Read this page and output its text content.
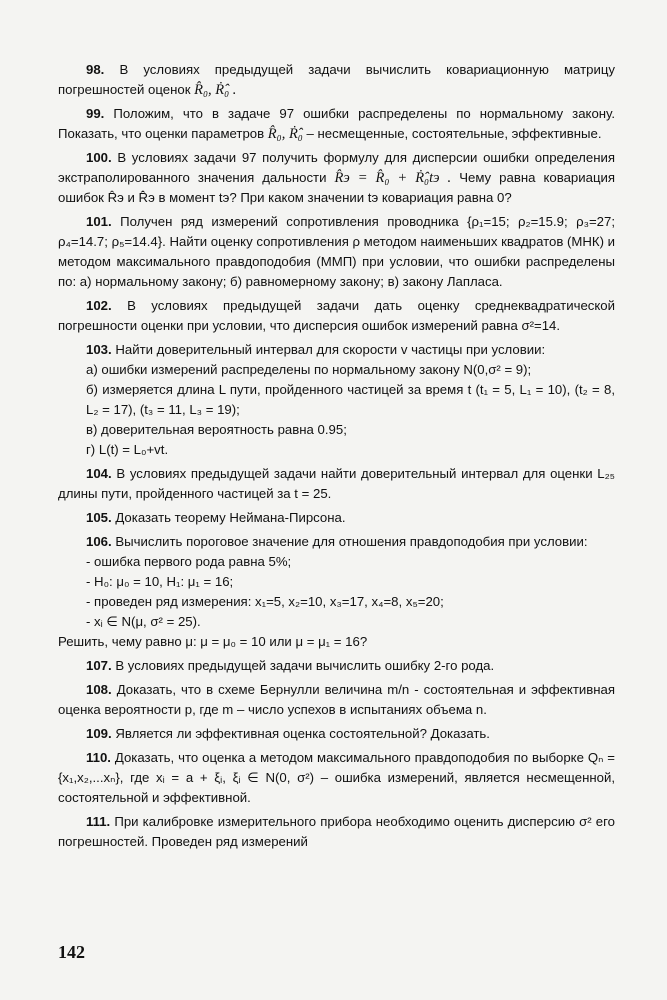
98. В условиях предыдущей задачи вычислить ковариационную матрицу погрешностей оценок R̂₀, Ṙ̂₀ .

99. Положим, что в задаче 97 ошибки распределены по нормальному закону. Показать, что оценки параметров R̂₀, Ṙ̂₀ – несмещенные, состоятельные, эффективные.

100. В условиях задачи 97 получить формулу для дисперсии ошибки определения экстраполированного значения дальности R̂э = R̂₀ + Ṙ̂₀tэ . Чему равна ковариация ошибок R̂э и Ṙ̂э в момент tэ? При каком значении tэ ковариация равна 0?

101. Получен ряд измерений сопротивления проводника {ρ₁=15; ρ₂=15.9; ρ₃=27; ρ₄=14.7; ρ₅=14.4}. Найти оценку сопротивления ρ методом наименьших квадратов (МНК) и методом максимального правдоподобия (ММП) при условии, что ошибки распределены по: а) нормальному закону; б) равномерному закону; в) закону Лапласа.

102. В условиях предыдущей задачи дать оценку среднеквадратической погрешности оценки при условии, что дисперсия ошибок измерений равна σ²=14.

103. Найти доверительный интервал для скорости v частицы при условии:

а) ошибки измерений распределены по нормальному закону N(0,σ² = 9);

б) измеряется длина L пути, пройденного частицей за время t (t₁ = 5, L₁ = 10), (t₂ = 8, L₂ = 17), (t₃ = 11, L₃ = 19);

в) доверительная вероятность равна 0.95;

г) L(t) = L₀+vt.

104. В условиях предыдущей задачи найти доверительный интервал для оценки L₂₅ длины пути, пройденного частицей за t = 25.

105. Доказать теорему Неймана-Пирсона.

106. Вычислить пороговое значение для отношения правдоподобия при условии:

- ошибка первого рода равна 5%;

- H₀: μ₀ = 10, H₁: μ₁ = 16;

- проведен ряд измерения: x₁=5, x₂=10, x₃=17, x₄=8, x₅=20;

- xᵢ ∈ N(μ, σ² = 25).

Решить, чему равно μ: μ = μ₀ = 10 или μ = μ₁ = 16?

107. В условиях предыдущей задачи вычислить ошибку 2-го рода.

108. Доказать, что в схеме Бернулли величина m/n - состоятельная и эффективная оценка вероятности p, где m – число успехов в испытаниях объема n.

109. Является ли эффективная оценка состоятельной? Доказать.

110. Доказать, что оценка a методом максимального правдоподобия по выборке Qₙ = {x₁,x₂,...xₙ}, где xᵢ = a + ξᵢ, ξᵢ ∈ N(0, σ²) – ошибка измерений, является несмещенной, состоятельной и эффективной.

111. При калибровке измерительного прибора необходимо оценить дисперсию σ² его погрешностей. Проведен ряд измерений

142
